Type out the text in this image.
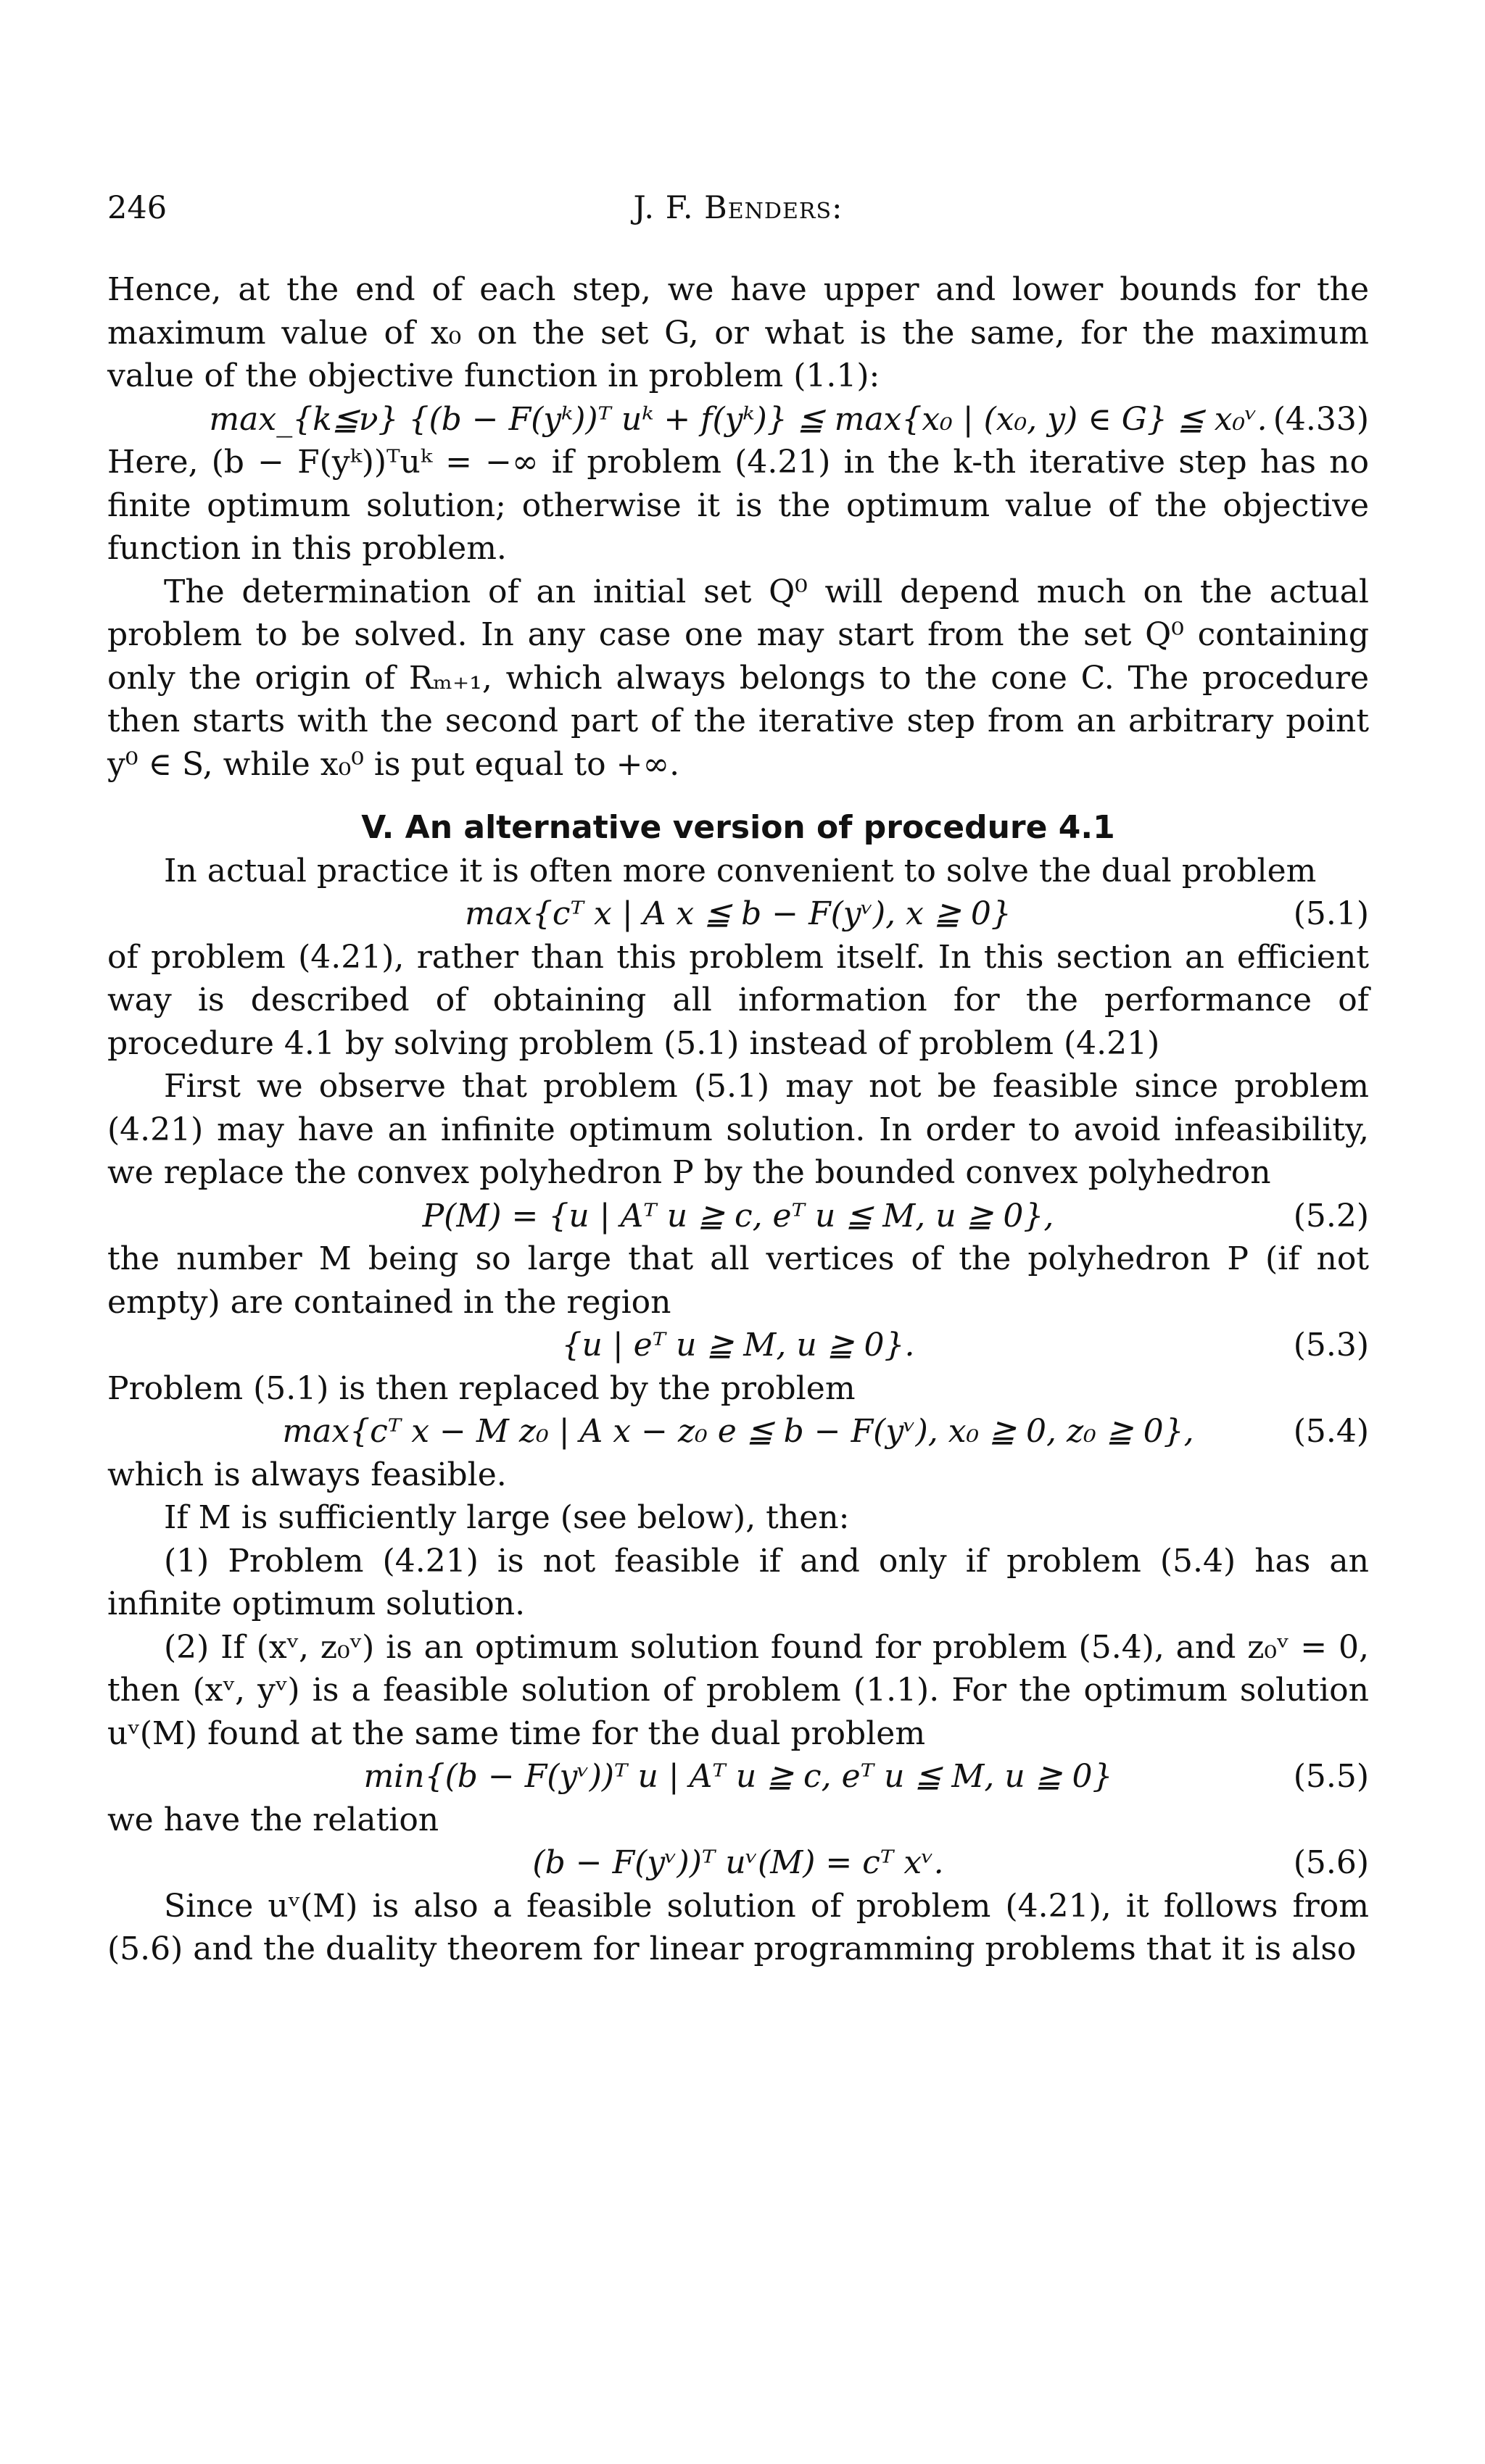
246	J. F. Benders:

Hence, at the end of each step, we have upper and lower bounds for the maximum value of x₀ on the set G, or what is the same, for the maximum value of the objective function in problem (1.1):

max_{k≦ν} {(b − F(yᵏ))ᵀ uᵏ + f(yᵏ)} ≦ max{x₀ | (x₀, y) ∈ G} ≦ x₀ᵛ. (4.33)

Here, (b − F(yᵏ))ᵀuᵏ = −∞ if problem (4.21) in the k-th iterative step has no finite optimum solution; otherwise it is the optimum value of the objective function in this problem.

The determination of an initial set Q⁰ will depend much on the actual problem to be solved. In any case one may start from the set Q⁰ containing only the origin of Rₘ₊₁, which always belongs to the cone C. The procedure then starts with the second part of the iterative step from an arbitrary point y⁰ ∈ S, while x₀⁰ is put equal to +∞.

V. An alternative version of procedure 4.1

In actual practice it is often more convenient to solve the dual problem

max{cᵀ x | A x ≦ b − F(yᵛ), x ≧ 0}	(5.1)

of problem (4.21), rather than this problem itself. In this section an efficient way is described of obtaining all information for the performance of procedure 4.1 by solving problem (5.1) instead of problem (4.21)

First we observe that problem (5.1) may not be feasible since problem (4.21) may have an infinite optimum solution. In order to avoid infeasibility, we replace the convex polyhedron P by the bounded convex polyhedron

P(M) = {u | Aᵀ u ≧ c, eᵀ u ≦ M, u ≧ 0},	(5.2)

the number M being so large that all vertices of the polyhedron P (if not empty) are contained in the region

{u | eᵀ u ≧ M, u ≧ 0}.	(5.3)

Problem (5.1) is then replaced by the problem

max{cᵀ x − M z₀ | A x − z₀ e ≦ b − F(yᵛ), x₀ ≧ 0, z₀ ≧ 0},	(5.4)

which is always feasible.

If M is sufficiently large (see below), then:

(1) Problem (4.21) is not feasible if and only if problem (5.4) has an infinite optimum solution.

(2) If (xᵛ, z₀ᵛ) is an optimum solution found for problem (5.4), and z₀ᵛ = 0, then (xᵛ, yᵛ) is a feasible solution of problem (1.1). For the optimum solution uᵛ(M) found at the same time for the dual problem

min{(b − F(yᵛ))ᵀ u | Aᵀ u ≧ c, eᵀ u ≦ M, u ≧ 0}	(5.5)

we have the relation

(b − F(yᵛ))ᵀ uᵛ(M) = cᵀ xᵛ.	(5.6)

Since uᵛ(M) is also a feasible solution of problem (4.21), it follows from (5.6) and the duality theorem for linear programming problems that it is also
